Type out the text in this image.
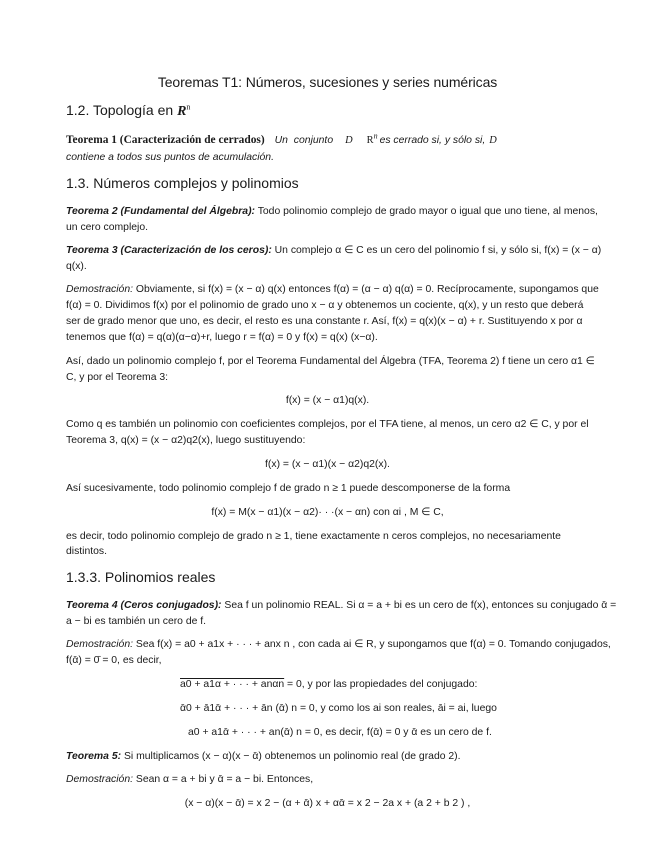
Teoremas T1: Números, sucesiones y series numéricas
1.2. Topología en $R^n$
Teorema 1 (Caracterización de cerrados) Un conjunto D $R^n$ es cerrado si, y sólo si, D
contiene a todos sus puntos de acumulación.
1.3. Números complejos y polinomios
Teorema 2 (Fundamental del Álgebra): Todo polinomio complejo de grado mayor o igual que uno tiene, al menos,
un cero complejo.
Teorema 3 (Caracterización de los ceros): Un complejo α ∈ C es un cero del polinomio f si, y sólo si, f(x) = (x − α)
q(x).
Demostración: Obviamente, si f(x) = (x − α) q(x) entonces f(α) = (α − α) q(α) = 0. Recíprocamente, supongamos que
f(α) = 0. Dividimos f(x) por el polinomio de grado uno x − α y obtenemos un cociente, q(x), y un resto que deberá
ser de grado menor que uno, es decir, el resto es una constante r. Así, f(x) = q(x)(x − α) + r. Sustituyendo x por α
tenemos que f(α) = q(α)(α−α)+r, luego r = f(α) = 0 y f(x) = q(x) (x−α).
Así, dado un polinomio complejo f, por el Teorema Fundamental del Álgebra (TFA, Teorema 2) f tiene un cero α1 ∈
C, y por el Teorema 3:
f(x) = (x − α1)q(x).
Como q es también un polinomio con coeficientes complejos, por el TFA tiene, al menos, un cero α2 ∈ C, y por el
Teorema 3, q(x) = (x − α2)q2(x), luego sustituyendo:
f(x) = (x − α1)(x − α2)q2(x).
Así sucesivamente, todo polinomio complejo f de grado n ≥ 1 puede descomponerse de la forma
f(x) = M(x − α1)(x − α2)· · ·(x − αn) con αi , M ∈ C,
es decir, todo polinomio complejo de grado n ≥ 1, tiene exactamente n ceros complejos, no necesariamente
distintos.
1.3.3. Polinomios reales
Teorema 4 (Ceros conjugados): Sea f un polinomio REAL. Si α = a + bi es un cero de f(x), entonces su conjugado ᾱ =
a − bi es también un cero de f.
Demostración: Sea f(x) = a0 + a1x + · · · + anx n , con cada ai ∈ R, y supongamos que f(α) = 0. Tomando conjugados,
f(ᾱ) = 0̄ = 0, es decir,
a0 + a1α + · · · + anαn = 0, y por las propiedades del conjugado:
ᾱ0 + ā1ᾱ + · · · + ān (ᾱ) n = 0, y como los ai son reales, āi = ai, luego
a0 + a1ᾱ + · · · + an(ᾱ) n = 0, es decir, f(ᾱ) = 0 y ᾱ es un cero de f.
Teorema 5: Si multiplicamos (x − α)(x − ᾱ) obtenemos un polinomio real (de grado 2).
Demostración: Sean α = a + bi y ᾱ = a − bi. Entonces,
(x − α)(x − ᾱ) = x 2 − (α + ᾱ) x + αᾱ = x 2 − 2a x + (a 2 + b 2 ) ,
